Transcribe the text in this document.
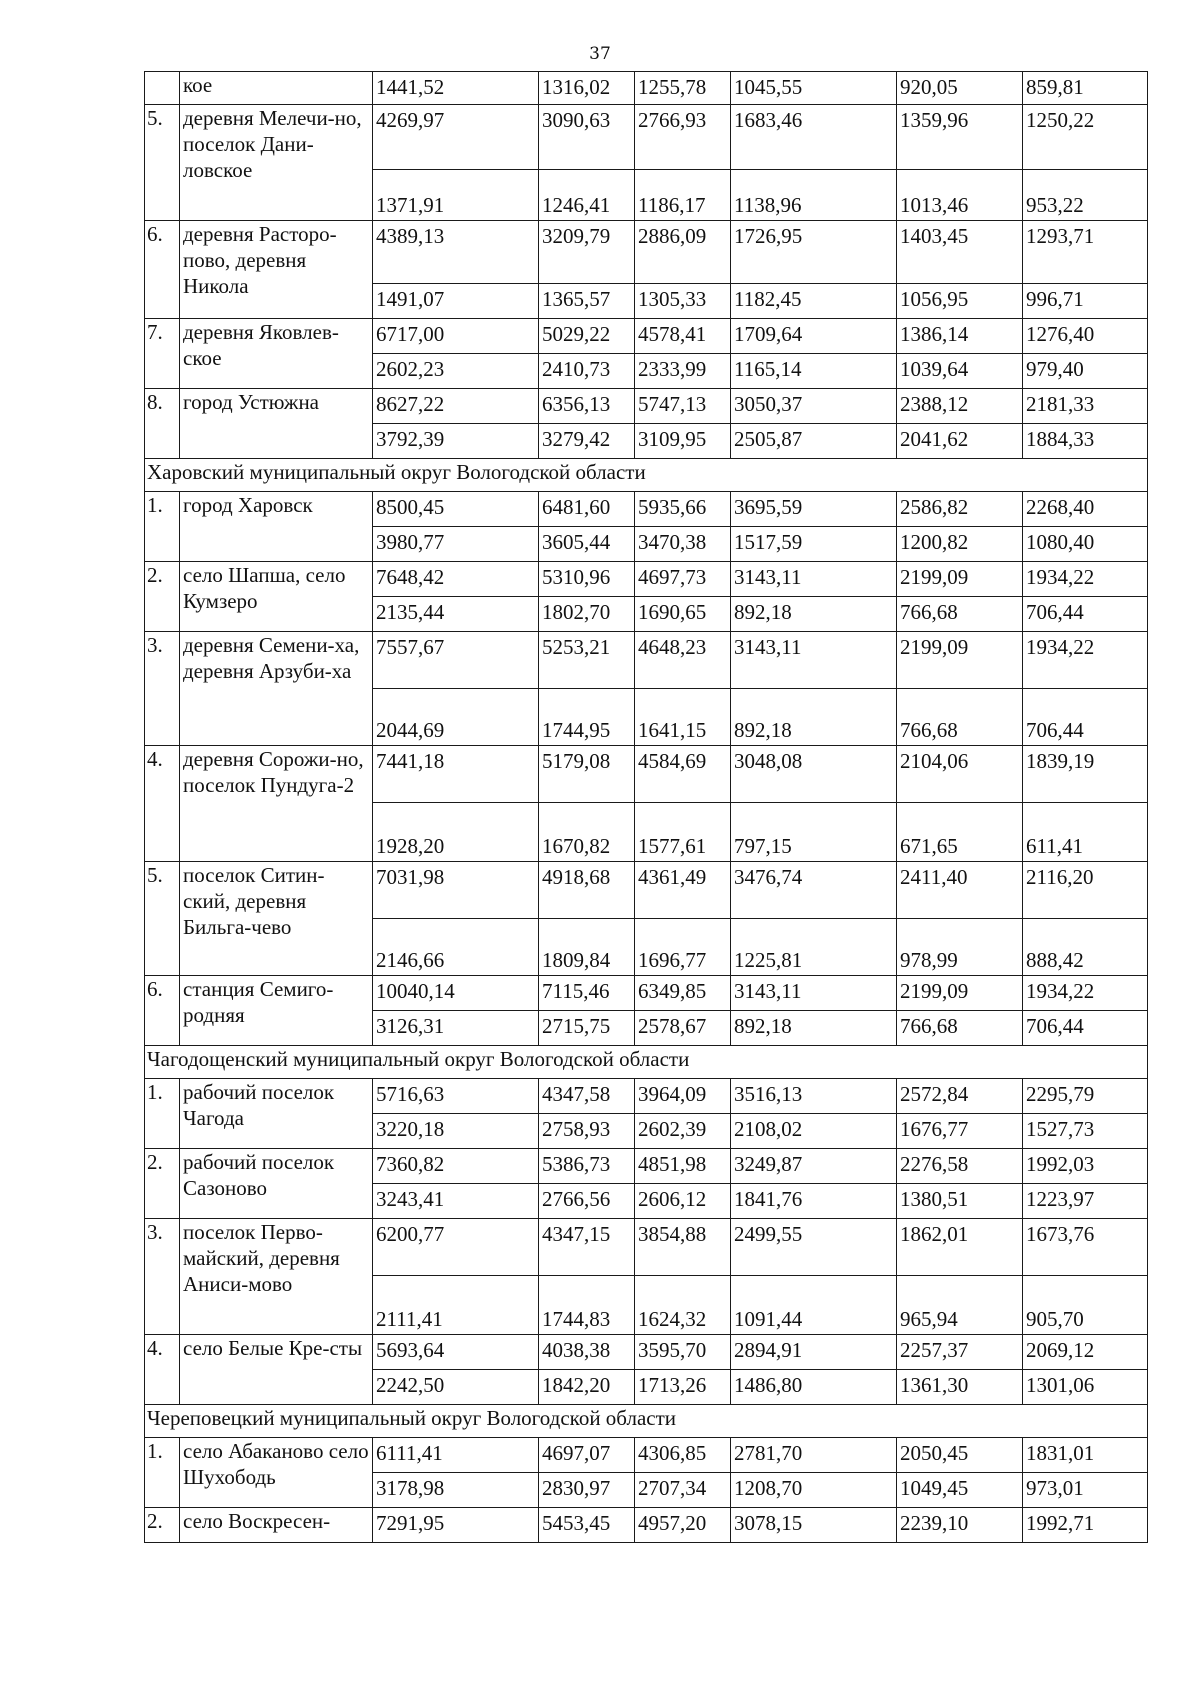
37
	кое	1441,52	1316,02	1255,78	1045,55	920,05	859,81
5.	деревня Мелечи-но, поселок Дани-ловское	4269,97	3090,63	2766,93	1683,46	1359,96	1250,22
		1371,91	1246,41	1186,17	1138,96	1013,46	953,22
6.	деревня Расторо-пово, деревня Никола	4389,13	3209,79	2886,09	1726,95	1403,45	1293,71
		1491,07	1365,57	1305,33	1182,45	1056,95	996,71
7.	деревня Яковлев-ское	6717,00	5029,22	4578,41	1709,64	1386,14	1276,40
		2602,23	2410,73	2333,99	1165,14	1039,64	979,40
8.	город Устюжна	8627,22	6356,13	5747,13	3050,37	2388,12	2181,33
		3792,39	3279,42	3109,95	2505,87	2041,62	1884,33
Харовский муниципальный округ Вологодской области							
1.	город Харовск	8500,45	6481,60	5935,66	3695,59	2586,82	2268,40
		3980,77	3605,44	3470,38	1517,59	1200,82	1080,40
2.	село Шапша, село Кумзеро	7648,42	5310,96	4697,73	3143,11	2199,09	1934,22
		2135,44	1802,70	1690,65	892,18	766,68	706,44
3.	деревня Семени-ха, деревня Арзуби-ха	7557,67	5253,21	4648,23	3143,11	2199,09	1934,22
		2044,69	1744,95	1641,15	892,18	766,68	706,44
4.	деревня Сорожи-но, поселок Пундуга-2	7441,18	5179,08	4584,69	3048,08	2104,06	1839,19
		1928,20	1670,82	1577,61	797,15	671,65	611,41
5.	поселок Ситин-ский, деревня Бильга-чево	7031,98	4918,68	4361,49	3476,74	2411,40	2116,20
		2146,66	1809,84	1696,77	1225,81	978,99	888,42
6.	станция Семиго-родняя	10040,14	7115,46	6349,85	3143,11	2199,09	1934,22
		3126,31	2715,75	2578,67	892,18	766,68	706,44
Чагодощенский муниципальный округ Вологодской области							
1.	рабочий поселок Чагода	5716,63	4347,58	3964,09	3516,13	2572,84	2295,79
		3220,18	2758,93	2602,39	2108,02	1676,77	1527,73
2.	рабочий поселок Сазоново	7360,82	5386,73	4851,98	3249,87	2276,58	1992,03
		3243,41	2766,56	2606,12	1841,76	1380,51	1223,97
3.	поселок Перво-майский, деревня Аниси-мово	6200,77	4347,15	3854,88	2499,55	1862,01	1673,76
		2111,41	1744,83	1624,32	1091,44	965,94	905,70
4.	село Белые Кре-сты	5693,64	4038,38	3595,70	2894,91	2257,37	2069,12
		2242,50	1842,20	1713,26	1486,80	1361,30	1301,06
Череповецкий муниципальный округ Вологодской области							
1.	село Абаканово село Шухободь	6111,41	4697,07	4306,85	2781,70	2050,45	1831,01
		3178,98	2830,97	2707,34	1208,70	1049,45	973,01
2.	село Воскресен-	7291,95	5453,45	4957,20	3078,15	2239,10	1992,71
